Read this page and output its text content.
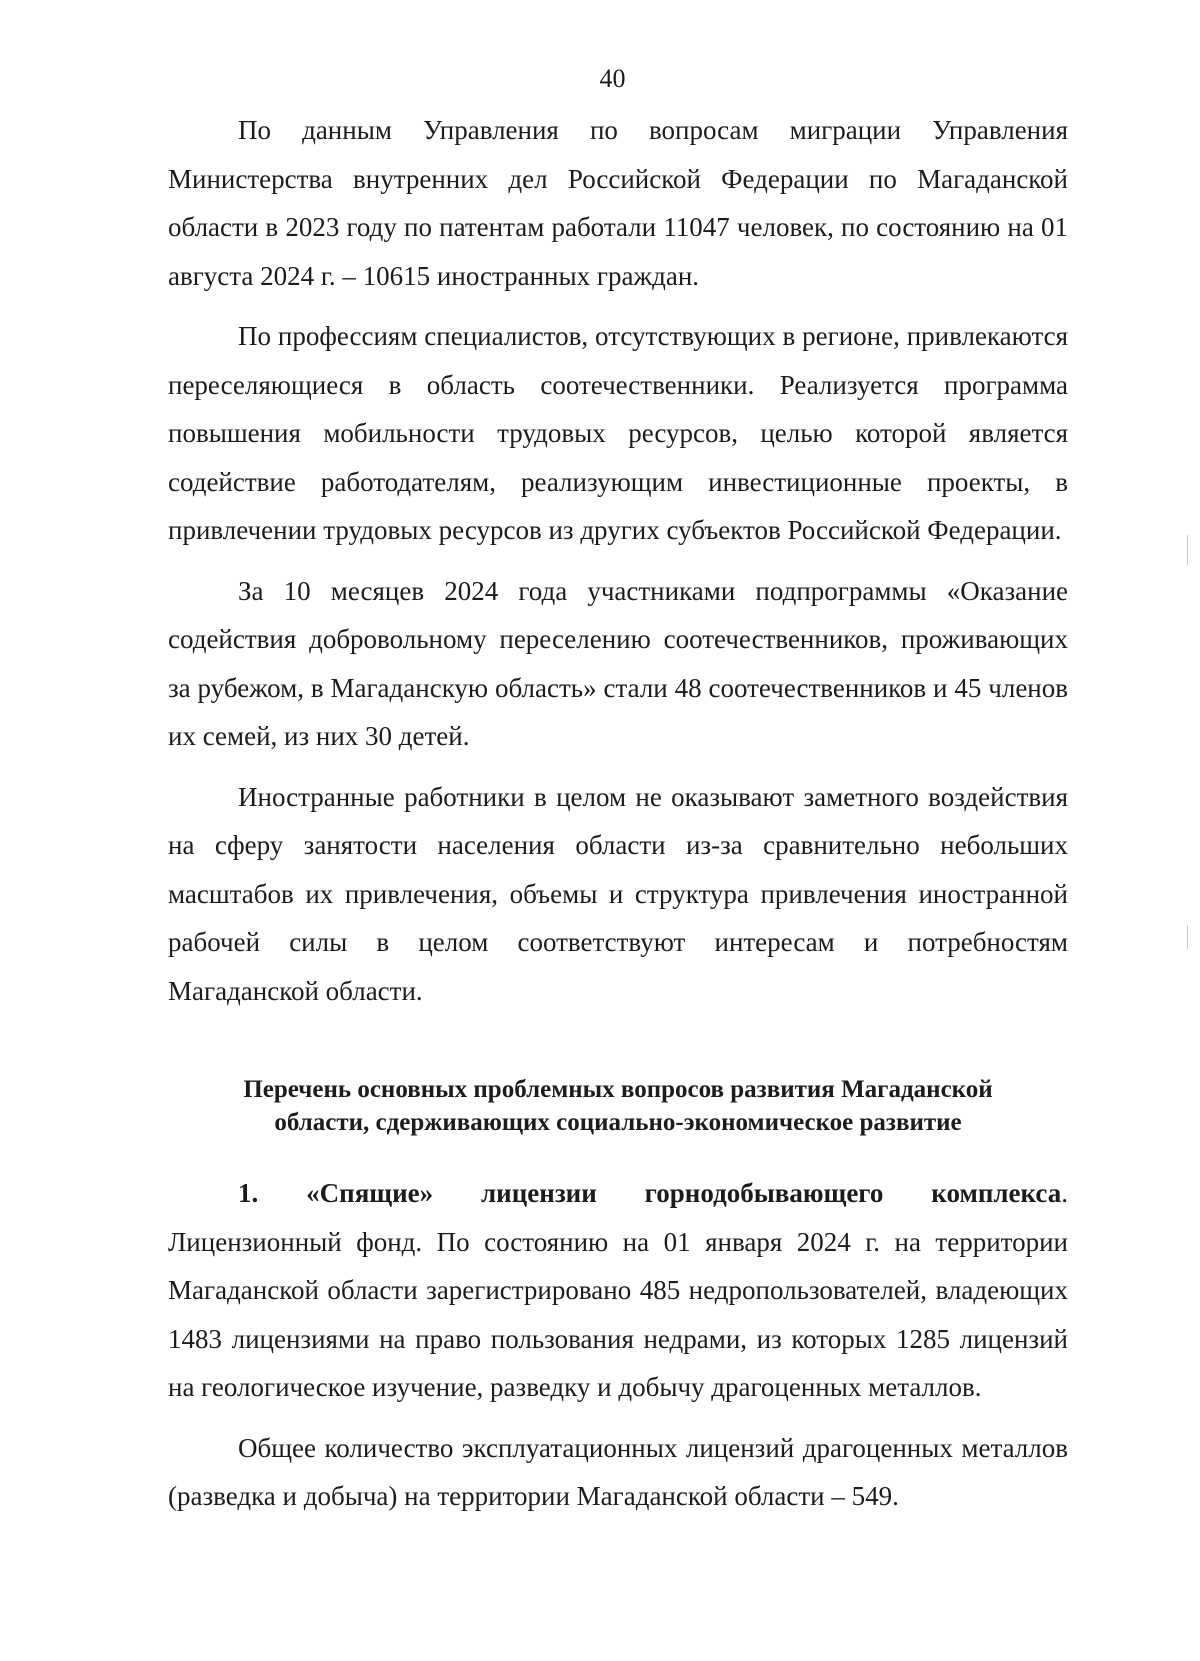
40

По данным Управления по вопросам миграции Управления Министерства внутренних дел Российской Федерации по Магаданской области в 2023 году по патентам работали 11047 человек, по состоянию на 01 августа 2024 г. – 10615 иностранных граждан.

По профессиям специалистов, отсутствующих в регионе, привлекаются переселяющиеся в область соотечественники. Реализуется программа повышения мобильности трудовых ресурсов, целью которой является содействие работодателям, реализующим инвестиционные проекты, в привлечении трудовых ресурсов из других субъектов Российской Федерации.

За 10 месяцев 2024 года участниками подпрограммы «Оказание содействия добровольному переселению соотечественников, проживающих за рубежом, в Магаданскую область» стали 48 соотечественников и 45 членов их семей, из них 30 детей.

Иностранные работники в целом не оказывают заметного воздействия на сферу занятости населения области из-за сравнительно небольших масштабов их привлечения, объемы и структура привлечения иностранной рабочей силы в целом соответствуют интересам и потребностям Магаданской области.

Перечень основных проблемных вопросов развития Магаданской
области, сдерживающих социально-экономическое развитие

1. «Спящие» лицензии горнодобывающего комплекса. Лицензионный фонд. По состоянию на 01 января 2024 г. на территории Магаданской области зарегистрировано 485 недропользователей, владеющих 1483 лицензиями на право пользования недрами, из которых 1285 лицензий на геологическое изучение, разведку и добычу драгоценных металлов.

Общее количество эксплуатационных лицензий драгоценных металлов (разведка и добыча) на территории Магаданской области – 549.
